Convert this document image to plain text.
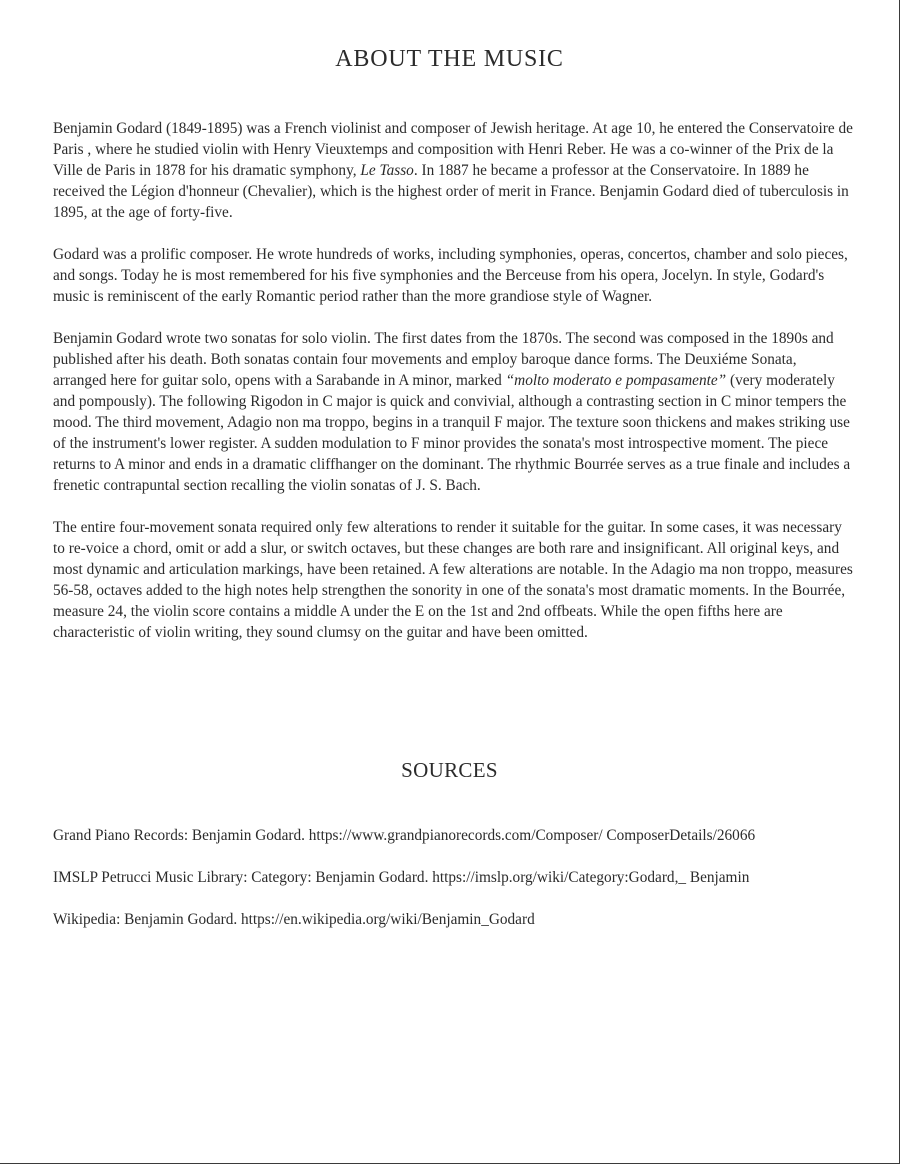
ABOUT THE MUSIC

Benjamin Godard (1849-1895) was a French violinist and composer of Jewish heritage. At age 10, he entered the Conservatoire de Paris , where he studied violin with Henry Vieuxtemps and composition with Henri Reber. He was a co-winner of the Prix de la Ville de Paris in 1878 for his dramatic symphony, Le Tasso. In 1887 he became a professor at the Conservatoire. In 1889 he received the Légion d'honneur (Chevalier), which is the highest order of merit in France. Benjamin Godard died of tuberculosis in 1895, at the age of forty-five.

Godard was a prolific composer. He wrote hundreds of works, including symphonies, operas, concertos, chamber and solo pieces, and songs. Today he is most remembered for his five symphonies and the Berceuse from his opera, Jocelyn. In style, Godard's music is reminiscent of the early Romantic period rather than the more grandiose style of Wagner.

Benjamin Godard wrote two sonatas for solo violin. The first dates from the 1870s. The second was composed in the 1890s and published after his death. Both sonatas contain four movements and employ baroque dance forms. The Deuxiéme Sonata, arranged here for guitar solo, opens with a Sarabande in A minor, marked “molto moderato e pompasamente” (very moderately and pompously). The following Rigodon in C major is quick and convivial, although a contrasting section in C minor tempers the mood. The third movement, Adagio non ma troppo, begins in a tranquil F major. The texture soon thickens and makes striking use of the instrument's lower register. A sudden modulation to F minor provides the sonata's most introspective moment. The piece returns to A minor and ends in a dramatic cliffhanger on the dominant. The rhythmic Bourrée serves as a true finale and includes a frenetic contrapuntal section recalling the violin sonatas of J. S. Bach.

The entire four-movement sonata required only few alterations to render it suitable for the guitar. In some cases, it was necessary to re-voice a chord, omit or add a slur, or switch octaves, but these changes are both rare and insignificant. All original keys, and most dynamic and articulation markings, have been retained. A few alterations are notable. In the Adagio ma non troppo, measures 56-58, octaves added to the high notes help strengthen the sonority in one of the sonata's most dramatic moments. In the Bourrée, measure 24, the violin score contains a middle A under the E on the 1st and 2nd offbeats. While the open fifths here are characteristic of violin writing, they sound clumsy on the guitar and have been omitted.

SOURCES

Grand Piano Records: Benjamin Godard. https://www.grandpianorecords.com/Composer/ ComposerDetails/26066

IMSLP Petrucci Music Library: Category: Benjamin Godard. https://imslp.org/wiki/Category:Godard,_ Benjamin

Wikipedia: Benjamin Godard. https://en.wikipedia.org/wiki/Benjamin_Godard
